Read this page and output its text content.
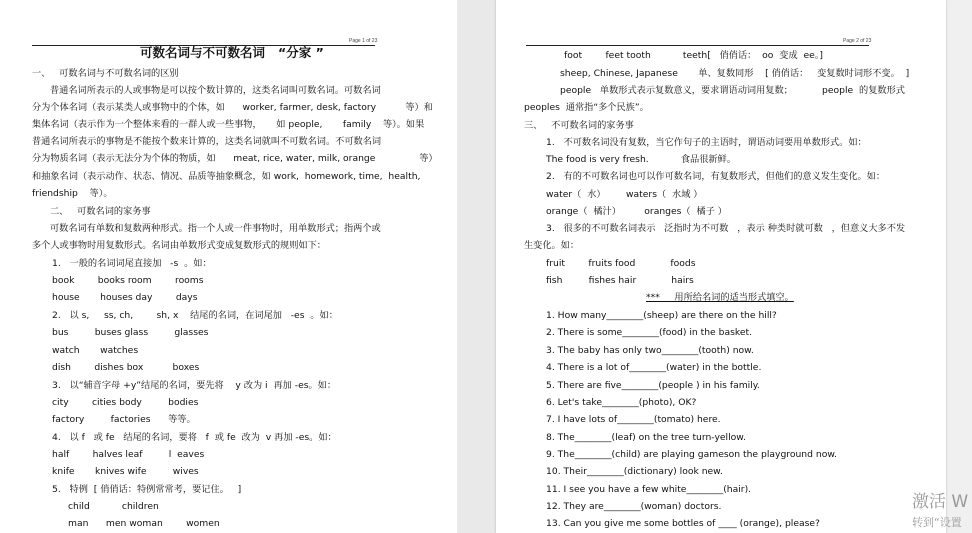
Page 1 of 23
可数名词与不可数名词   “分家 ”
一、   可数名词与不可数名词的区别
普通名词所表示的人或事物是可以按个数计算的，这类名词叫可数名词。可数名词
分为个体名词（表示某类人或事物中的个体，如      worker, farmer, desk, factory          等）和
集体名词（表示作为一个整体来看的一群人或一些事物，     如 people,       family    等）。如果
普通名词所表示的事物是不能按个数来计算的，这类名词就叫不可数名词。不可数名词
分为物质名词（表示无法分为个体的物质，如      meat, rice, water, milk, orange               等）
和抽象名词（表示动作、状态、情况、品质等抽象概念，如 work,  homework, time,  health,
friendship    等）。
二、   可数名词的家务事
可数名词有单数和复数两种形式。指一个人或一件事物时，用单数形式；指两个或
多个人或事物时用复数形式。名词由单数形式变成复数形式的规则如下：
1.   一般的名词词尾直接加   -s  。如：
book        books room        rooms
house       houses day        days
2.   以 s,     ss, ch,        sh, x    结尾的名词，在词尾加   -es  。如：
bus         buses glass         glasses
watch       watches
dish        dishes box          boxes
3.   以“辅音字母 +y”结尾的名词，要先将    y 改为 i  再加 -es。如：
city        cities body         bodies
factory         factories      等等。
4.   以 f   或 fe   结尾的名词，要将   f  或 fe  改为  v 再加 -es。如：
half        halves leaf         l  eaves
knife       knives wife         wives
5.   特例  [ 俏俏话：特例常常考，要记住。   ]
child           children
man      men woman        women
Page 2 of 23
foot        feet tooth           teeth[   俏俏话：  oo  变成  ee。]
sheep, Chinese, Japanese       单、复数同形    [ 俏俏话：   变复数时词形不变。  ]
people   单数形式表示复数意义，要求谓语动词用复数；          people  的复数形式
peoples  通常指“多个民族”。
三、   不可数名词的家务事
1.   不可数名词没有复数，当它作句子的主语时，谓语动词要用单数形式。如：
The food is very fresh.           食品很新鲜。
2.   有的不可数名词也可以作可数名词，有复数形式，但他们的意义发生变化。如：
water（  水）       waters（  水域 ）
orange（  橘汁）        oranges（  橘子 ）
3.   很多的不可数名词表示   泛指时为不可数   ，表示 种类时就可数   ，但意义大多不发
生变化。如：
fruit        fruits food            foods
fish         fishes hair            hairs
***     用所给名词的适当形式填空。
1. How many________(sheep) are there on the hill?
2. There is some________(food) in the basket.
3. The baby has only two________(tooth) now.
4. There is a lot of________(water) in the bottle.
5. There are five________(people ) in his family.
6. Let's take________(photo), OK?
7. I have lots of________(tomato) here.
8. The________(leaf) on the tree turn-yellow.
9. The________(child) are playing gameson the playground now.
10. Their________(dictionary) look new.
11. I see you have a few white________(hair).
12. They are________(woman) doctors.
13. Can you give me some bottles of ____ (orange), please?
激活 W
转到“设置
